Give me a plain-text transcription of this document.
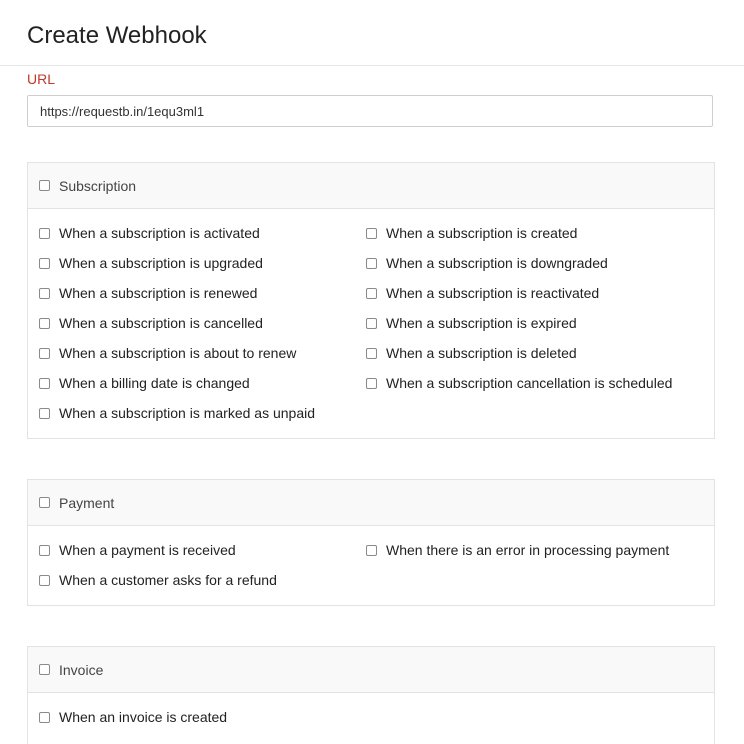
Create Webhook
URL
https://requestb.in/1equ3ml1
Subscription
When a subscription is activated	When a subscription is created
When a subscription is upgraded	When a subscription is downgraded
When a subscription is renewed	When a subscription is reactivated
When a subscription is cancelled	When a subscription is expired
When a subscription is about to renew	When a subscription is deleted
When a billing date is changed	When a subscription cancellation is scheduled
When a subscription is marked as unpaid
Payment
When a payment is received	When there is an error in processing payment
When a customer asks for a refund
Invoice
When an invoice is created
